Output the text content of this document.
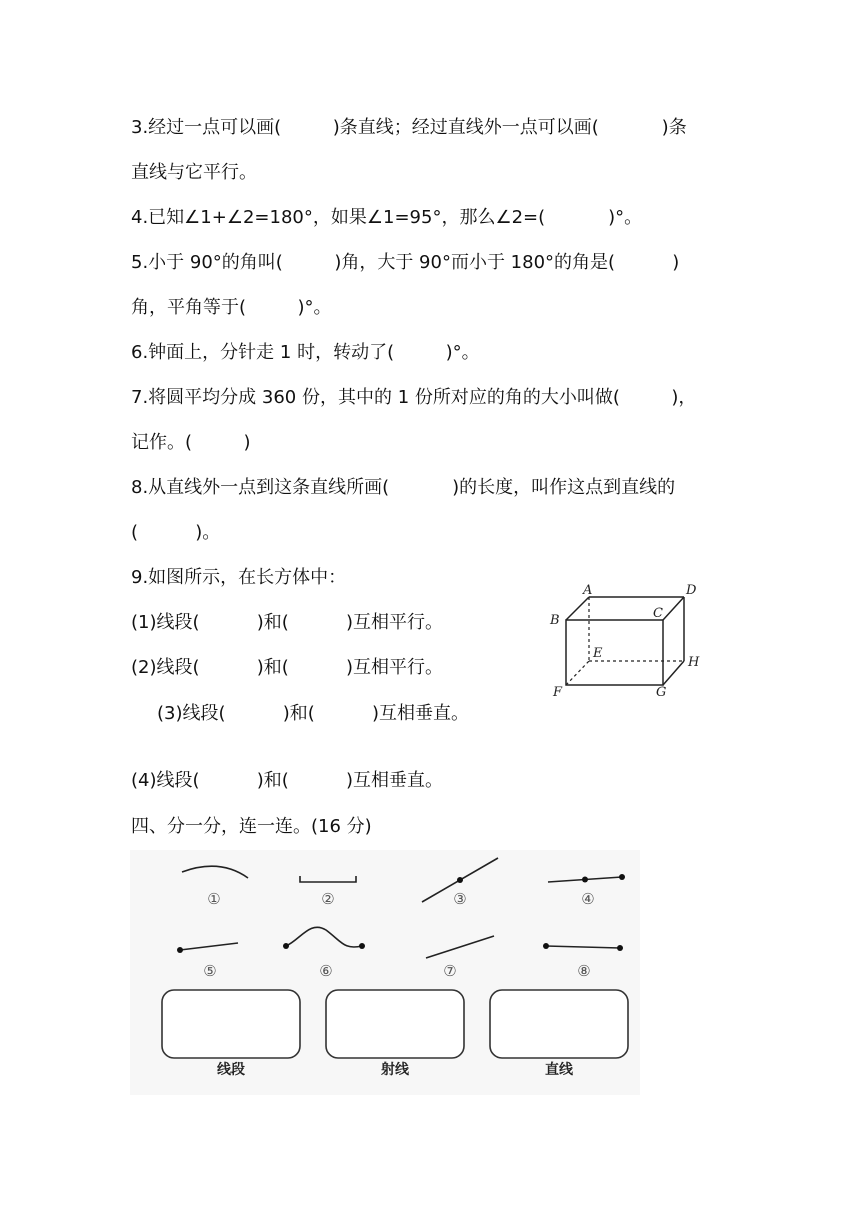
3.经过一点可以画(         )条直线；经过直线外一点可以画(           )条
直线与它平行。
4.已知∠1+∠2=180°，如果∠1=95°，那么∠2=(           )°。
5.小于 90°的角叫(         )角，大于 90°而小于 180°的角是(          )
角，平角等于(         )°。
6.钟面上，分针走 1 时，转动了(         )°。
7.将圆平均分成 360 份，其中的 1 份所对应的角的大小叫做(         )，
记作。(         )
8.从直线外一点到这条直线所画(           )的长度，叫作这点到直线的
(          )。
9.如图所示，在长方体中：
(1)线段(          )和(          )互相平行。
(2)线段(          )和(          )互相平行。
(3)线段(          )和(          )互相垂直。
(4)线段(          )和(          )互相垂直。
四、分一分，连一连。(16 分)
A
B	C
D
E
F	G
H
①	②	③	④
⑤	⑥	⑦	⑧
线段	射线	直线
